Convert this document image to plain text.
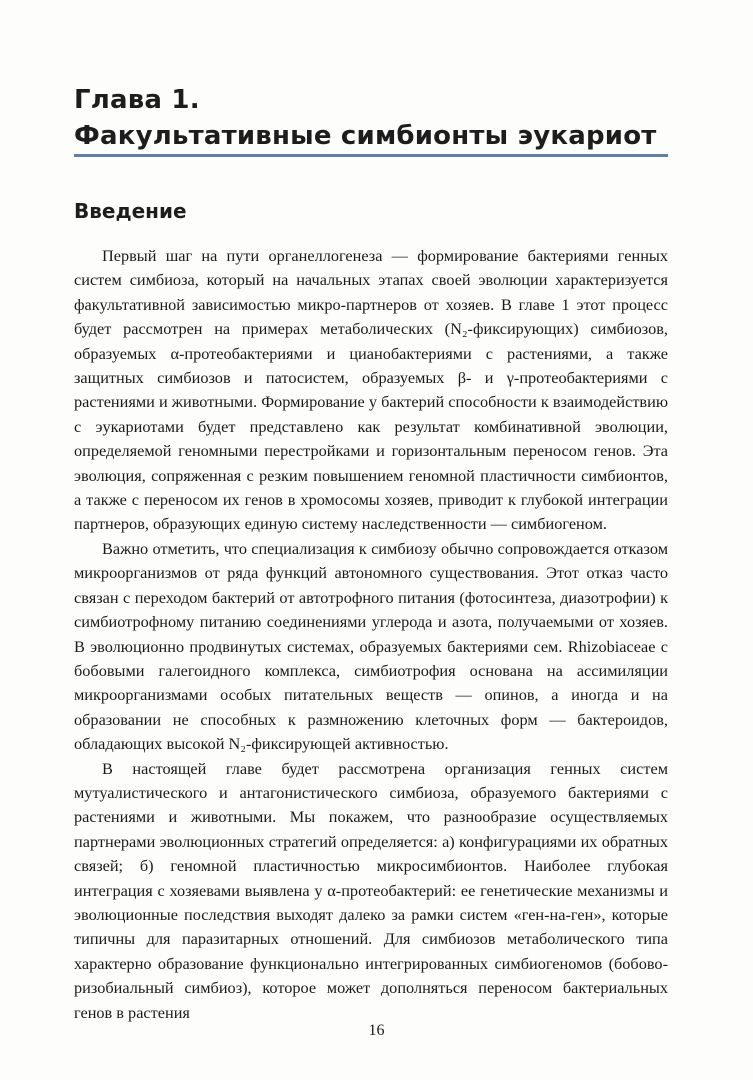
Глава 1.
Факультативные симбионты эукариот
Введение

Первый шаг на пути органеллогенеза — формирование бактериями генных систем симбиоза, который на начальных этапах своей эволюции характеризуется факультативной зависимостью микро-партнеров от хозяев. В главе 1 этот процесс будет рассмотрен на примерах метаболических (N₂-фиксирующих) симбиозов, образуемых α-протеобактериями и цианобактериями с растениями, а также защитных симбиозов и патосистем, образуемых β- и γ-протеобактериями с растениями и животными. Формирование у бактерий способности к взаимодействию с эукариотами будет представлено как результат комбинативной эволюции, определяемой геномными перестройками и горизонтальным переносом генов. Эта эволюция, сопряженная с резким повышением геномной пластичности симбионтов, а также с переносом их генов в хромосомы хозяев, приводит к глубокой интеграции партнеров, образующих единую систему наследственности — симбиогеном.

Важно отметить, что специализация к симбиозу обычно сопровождается отказом микроорганизмов от ряда функций автономного существования. Этот отказ часто связан с переходом бактерий от автотрофного питания (фотосинтеза, диазотрофии) к симбиотрофному питанию соединениями углерода и азота, получаемыми от хозяев. В эволюционно продвинутых системах, образуемых бактериями сем. Rhizobiaceae с бобовыми галегоидного комплекса, симбиотрофия основана на ассимиляции микроорганизмами особых питательных веществ — опинов, а иногда и на образовании не способных к размножению клеточных форм — бактероидов, обладающих высокой N₂-фиксирующей активностью.

В настоящей главе будет рассмотрена организация генных систем мутуалистического и антагонистического симбиоза, образуемого бактериями с растениями и животными. Мы покажем, что разнообразие осуществляемых партнерами эволюционных стратегий определяется: а) конфигурациями их обратных связей; б) геномной пластичностью микросимбионтов. Наиболее глубокая интеграция с хозяевами выявлена у α-протеобактерий: ее генетические механизмы и эволюционные последствия выходят далеко за рамки систем «ген-на-ген», которые типичны для паразитарных отношений. Для симбиозов метаболического типа характерно образование функционально интегрированных симбиогеномов (бобово-ризобиальный симбиоз), которое может дополняться переносом бактериальных генов в растения

16
